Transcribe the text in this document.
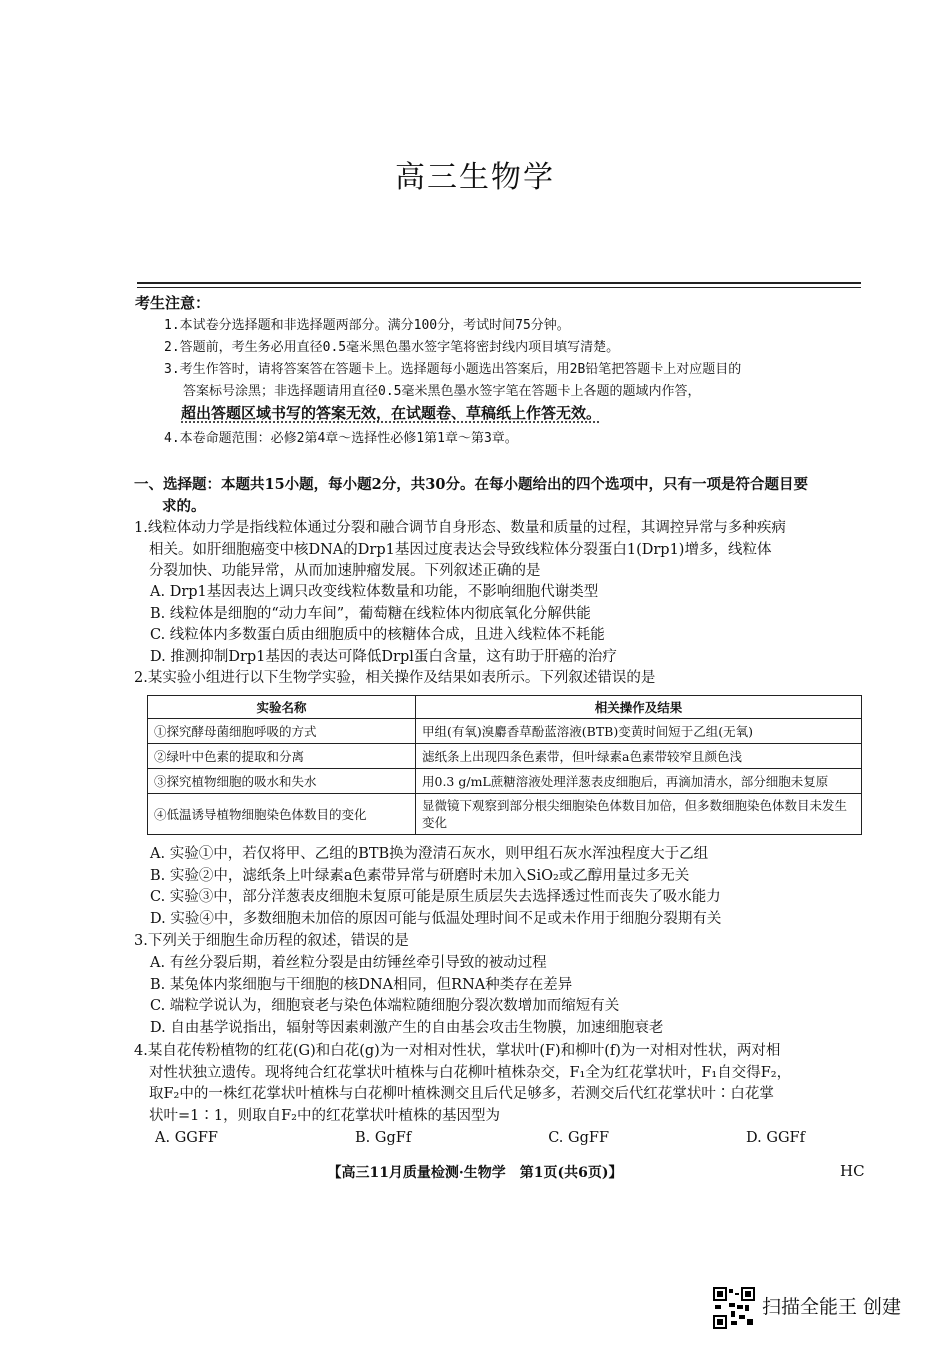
高三生物学
考生注意：
1.本试卷分选择题和非选择题两部分。满分100分，考试时间75分钟。
2.答题前，考生务必用直径0.5毫米黑色墨水签字笔将密封线内项目填写清楚。
3.考生作答时，请将答案答在答题卡上。选择题每小题选出答案后，用2B铅笔把答题卡上对应题目的
答案标号涂黑；非选择题请用直径0.5毫米黑色墨水签字笔在答题卡上各题的题域内作答，
超出答题区域书写的答案无效，在试题卷、草稿纸上作答无效。
4.本卷命题范围：必修2第4章～选择性必修1第1章～第3章。
一、选择题：本题共15小题，每小题2分，共30分。在每小题给出的四个选项中，只有一项是符合题目要
求的。
1.线粒体动力学是指线粒体通过分裂和融合调节自身形态、数量和质量的过程，其调控异常与多种疾病
相关。如肝细胞癌变中核DNA的Drp1基因过度表达会导致线粒体分裂蛋白1(Drp1)增多，线粒体
分裂加快、功能异常，从而加速肿瘤发展。下列叙述正确的是
A. Drp1基因表达上调只改变线粒体数量和功能，不影响细胞代谢类型
B. 线粒体是细胞的“动力车间”，葡萄糖在线粒体内彻底氧化分解供能
C. 线粒体内多数蛋白质由细胞质中的核糖体合成，且进入线粒体不耗能
D. 推测抑制Drp1基因的表达可降低Drpl蛋白含量，这有助于肝癌的治疗
2.某实验小组进行以下生物学实验，相关操作及结果如表所示。下列叙述错误的是
实验名称	相关操作及结果
①探究酵母菌细胞呼吸的方式	甲组(有氧)溴麝香草酚蓝溶液(BTB)变黄时间短于乙组(无氧)
②绿叶中色素的提取和分离	滤纸条上出现四条色素带，但叶绿素a色素带较窄且颜色浅
③探究植物细胞的吸水和失水	用0.3 g/mL蔗糖溶液处理洋葱表皮细胞后，再滴加清水，部分细胞未复原
④低温诱导植物细胞染色体数目的变化	显微镜下观察到部分根尖细胞染色体数目加倍，但多数细胞染色体数目未发生变化
A. 实验①中，若仅将甲、乙组的BTB换为澄清石灰水，则甲组石灰水浑浊程度大于乙组
B. 实验②中，滤纸条上叶绿素a色素带异常与研磨时未加入SiO₂或乙醇用量过多无关
C. 实验③中，部分洋葱表皮细胞未复原可能是原生质层失去选择透过性而丧失了吸水能力
D. 实验④中，多数细胞未加倍的原因可能与低温处理时间不足或未作用于细胞分裂期有关
3.下列关于细胞生命历程的叙述，错误的是
A. 有丝分裂后期，着丝粒分裂是由纺锤丝牵引导致的被动过程
B. 某兔体内浆细胞与干细胞的核DNA相同，但RNA种类存在差异
C. 端粒学说认为，细胞衰老与染色体端粒随细胞分裂次数增加而缩短有关
D. 自由基学说指出，辐射等因素刺激产生的自由基会攻击生物膜，加速细胞衰老
4.某自花传粉植物的红花(G)和白花(g)为一对相对性状，掌状叶(F)和柳叶(f)为一对相对性状，两对相
对性状独立遗传。现将纯合红花掌状叶植株与白花柳叶植株杂交，F₁全为红花掌状叶，F₁自交得F₂，
取F₂中的一株红花掌状叶植株与白花柳叶植株测交且后代足够多，若测交后代红花掌状叶∶白花掌
状叶=1∶1，则取自F₂中的红花掌状叶植株的基因型为
A. GGFF	B. GgFf	C. GgFF	D. GGFf
【高三11月质量检测·生物学　第1页(共6页)】	HC
扫描全能王 创建
